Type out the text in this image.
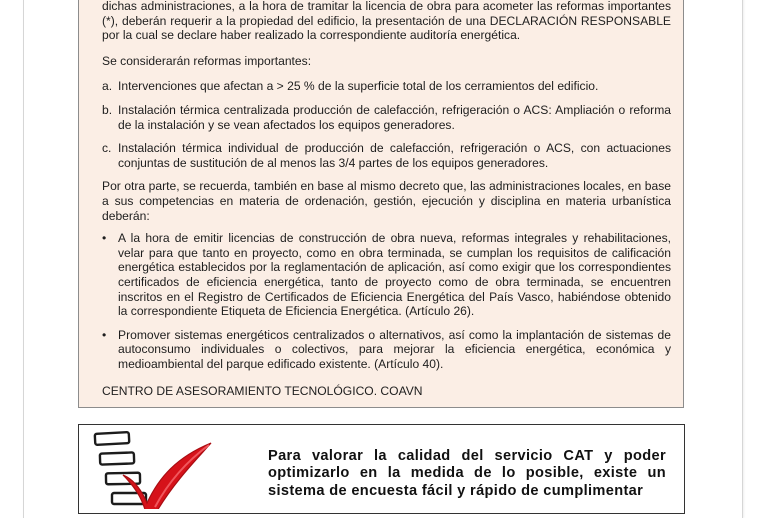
dichas administraciones, a la hora de tramitar la licencia de obra para acometer las reformas importantes (*), deberán requerir a la propiedad del edificio, la presentación de una DECLARACIÓN RESPONSABLE por la cual se declare haber realizado la correspondiente auditoría energética.

Se considerarán reformas importantes:

a. Intervenciones que afectan a > 25 % de la superficie total de los cerramientos del edificio.
b. Instalación térmica centralizada producción de calefacción, refrigeración o ACS: Ampliación o reforma de la instalación y se vean afectados los equipos generadores.
c. Instalación térmica individual de producción de calefacción, refrigeración o ACS, con actuaciones conjuntas de sustitución de al menos las 3/4 partes de los equipos generadores.

Por otra parte, se recuerda, también en base al mismo decreto que, las administraciones locales, en base a sus competencias en materia de ordenación, gestión, ejecución y disciplina en materia urbanística deberán:

• A la hora de emitir licencias de construcción de obra nueva, reformas integrales y rehabilitaciones, velar para que tanto en proyecto, como en obra terminada, se cumplan los requisitos de calificación energética establecidos por la reglamentación de aplicación, así como exigir que los correspondientes certificados de eficiencia energética, tanto de proyecto como de obra terminada, se encuentren inscritos en el Registro de Certificados de Eficiencia Energética del País Vasco, habiéndose obtenido la correspondiente Etiqueta de Eficiencia Energética. (Artículo 26).
• Promover sistemas energéticos centralizados o alternativos, así como la implantación de sistemas de autoconsumo individuales o colectivos, para mejorar la eficiencia energética, económica y medioambiental del parque edificado existente. (Artículo 40).

CENTRO DE ASESORAMIENTO TECNOLÓGICO. COAVN

Para valorar la calidad del servicio CAT y poder optimizarlo en la medida de lo posible, existe un sistema de encuesta fácil y rápido de cumplimentar
